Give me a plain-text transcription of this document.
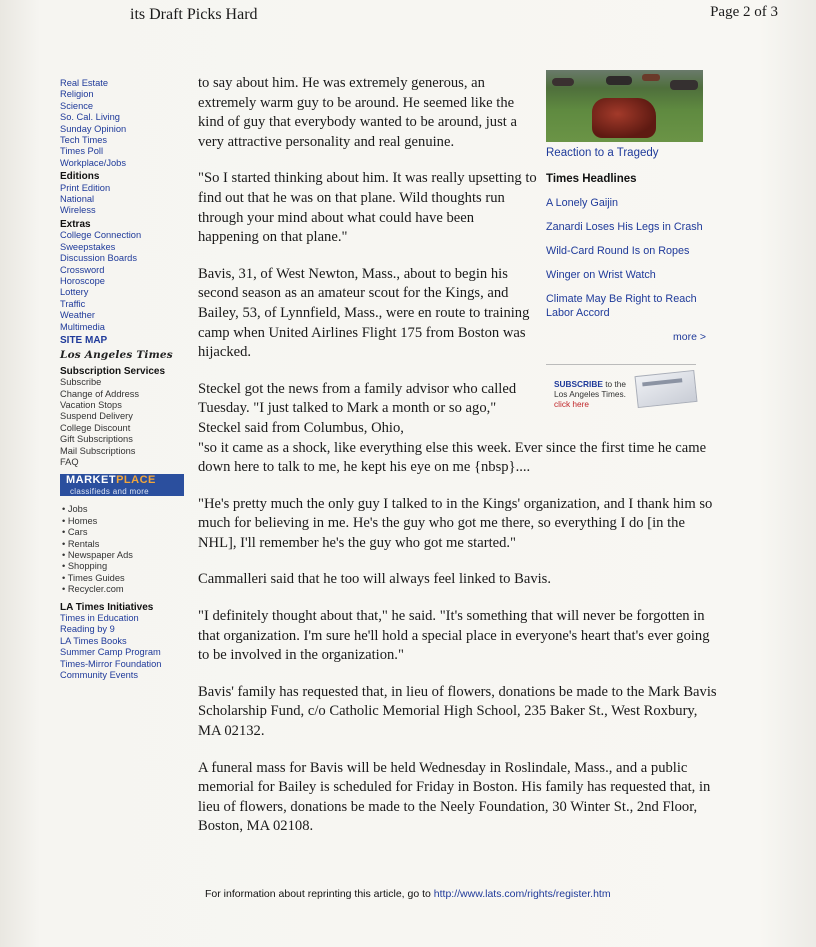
its Draft Picks Hard	Page 2 of 3
Real Estate
Religion
Science
So. Cal. Living
Sunday Opinion
Tech Times
Times Poll
Workplace/Jobs
Editions
Print Edition
National
Wireless
Extras
College Connection
Sweepstakes
Discussion Boards
Crossword
Horoscope
Lottery
Traffic
Weather
Multimedia
SITE MAP
Los Angeles Times
Subscription Services
Subscribe
Change of Address
Vacation Stops
Suspend Delivery
College Discount
Gift Subscriptions
Mail Subscriptions
FAQ
MARKETPLACE
classifieds and more
• Jobs
• Homes
• Cars
• Rentals
• Newspaper Ads
• Shopping
• Times Guides
• Recycler.com
LA Times Initiatives
Times in Education
Reading by 9
LA Times Books
Summer Camp Program
Times-Mirror Foundation
Community Events

to say about him. He was extremely generous, an extremely warm guy to be around. He seemed like the kind of guy that everybody wanted to be around, just a very attractive personality and real genuine.

"So I started thinking about him. It was really upsetting to find out that he was on that plane. Wild thoughts run through your mind about what could have been happening on that plane."

Bavis, 31, of West Newton, Mass., about to begin his second season as an amateur scout for the Kings, and Bailey, 53, of Lynnfield, Mass., were en route to training camp when United Airlines Flight 175 from Boston was hijacked.

Steckel got the news from a family advisor who called Tuesday. "I just talked to Mark a month or so ago," Steckel said from Columbus, Ohio,

"so it came as a shock, like everything else this week. Ever since the first time he came down here to talk to me, he kept his eye on me {nbsp}....

"He's pretty much the only guy I talked to in the Kings' organization, and I thank him so much for believing in me. He's the guy who got me there, so everything I do [in the NHL], I'll remember he's the guy who got me started."

Cammalleri said that he too will always feel linked to Bavis.

"I definitely thought about that," he said. "It's something that will never be forgotten in that organization. I'm sure he'll hold a special place in everyone's heart that's ever going to be involved in the organization."

Bavis' family has requested that, in lieu of flowers, donations be made to the Mark Bavis Scholarship Fund, c/o Catholic Memorial High School, 235 Baker St., West Roxbury, MA 02132.

A funeral mass for Bavis will be held Wednesday in Roslindale, Mass., and a public memorial for Bailey is scheduled for Friday in Boston. His family has requested that, in lieu of flowers, donations be made to the Neely Foundation, 30 Winter St., 2nd Floor, Boston, MA 02108.

Reaction to a Tragedy
Times Headlines
A Lonely Gaijin
Zanardi Loses His Legs in Crash
Wild-Card Round Is on Ropes
Winger on Wrist Watch
Climate May Be Right to Reach Labor Accord
more >
SUBSCRIBE to the
Los Angeles Times.
click here
For information about reprinting this article, go to http://www.lats.com/rights/register.htm
